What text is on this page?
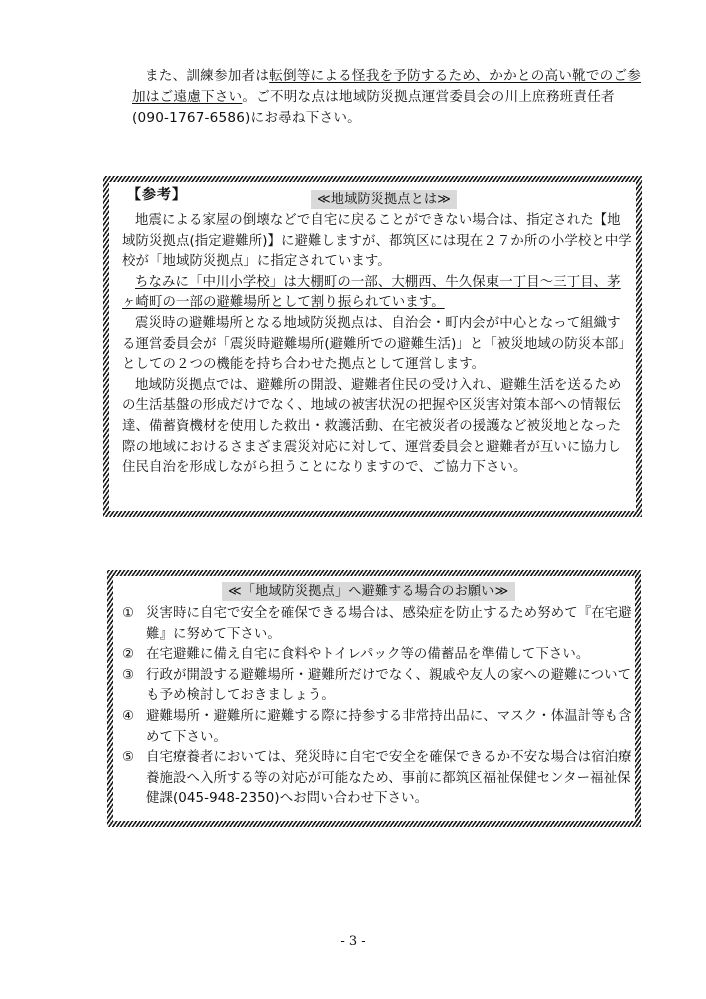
また、訓練参加者は転倒等による怪我を予防するため、かかとの高い靴でのご参加はご遠慮下さい。ご不明な点は地域防災拠点運営委員会の川上庶務班責任者(090-1767-6586)にお尋ね下さい。

【参考】	≪地域防災拠点とは≫

地震による家屋の倒壊などで自宅に戻ることができない場合は、指定された【地域防災拠点(指定避難所)】に避難しますが、都筑区には現在２７か所の小学校と中学校が「地域防災拠点」に指定されています。

ちなみに「中川小学校」は大棚町の一部、大棚西、牛久保東一丁目～三丁目、茅ヶ崎町の一部の避難場所として割り振られています。

震災時の避難場所となる地域防災拠点は、自治会・町内会が中心となって組織する運営委員会が「震災時避難場所(避難所での避難生活)」と「被災地域の防災本部」としての２つの機能を持ち合わせた拠点として運営します。

地域防災拠点では、避難所の開設、避難者住民の受け入れ、避難生活を送るための生活基盤の形成だけでなく、地域の被害状況の把握や区災害対策本部への情報伝達、備蓄資機材を使用した救出・救護活動、在宅被災者の援護など被災地となった際の地域におけるさまざま震災対応に対して、運営委員会と避難者が互いに協力し住民自治を形成しながら担うことになりますので、ご協力下さい。

≪「地域防災拠点」へ避難する場合のお願い≫
① 災害時に自宅で安全を確保できる場合は、感染症を防止するため努めて『在宅避難』に努めて下さい。
② 在宅避難に備え自宅に食料やトイレパック等の備蓄品を準備して下さい。
③ 行政が開設する避難場所・避難所だけでなく、親戚や友人の家への避難についても予め検討しておきましょう。
④ 避難場所・避難所に避難する際に持参する非常持出品に、マスク・体温計等も含めて下さい。
⑤ 自宅療養者においては、発災時に自宅で安全を確保できるか不安な場合は宿泊療養施設へ入所する等の対応が可能なため、事前に都筑区福祉保健センター福祉保健課(045-948-2350)へお問い合わせ下さい。
- 3 -
